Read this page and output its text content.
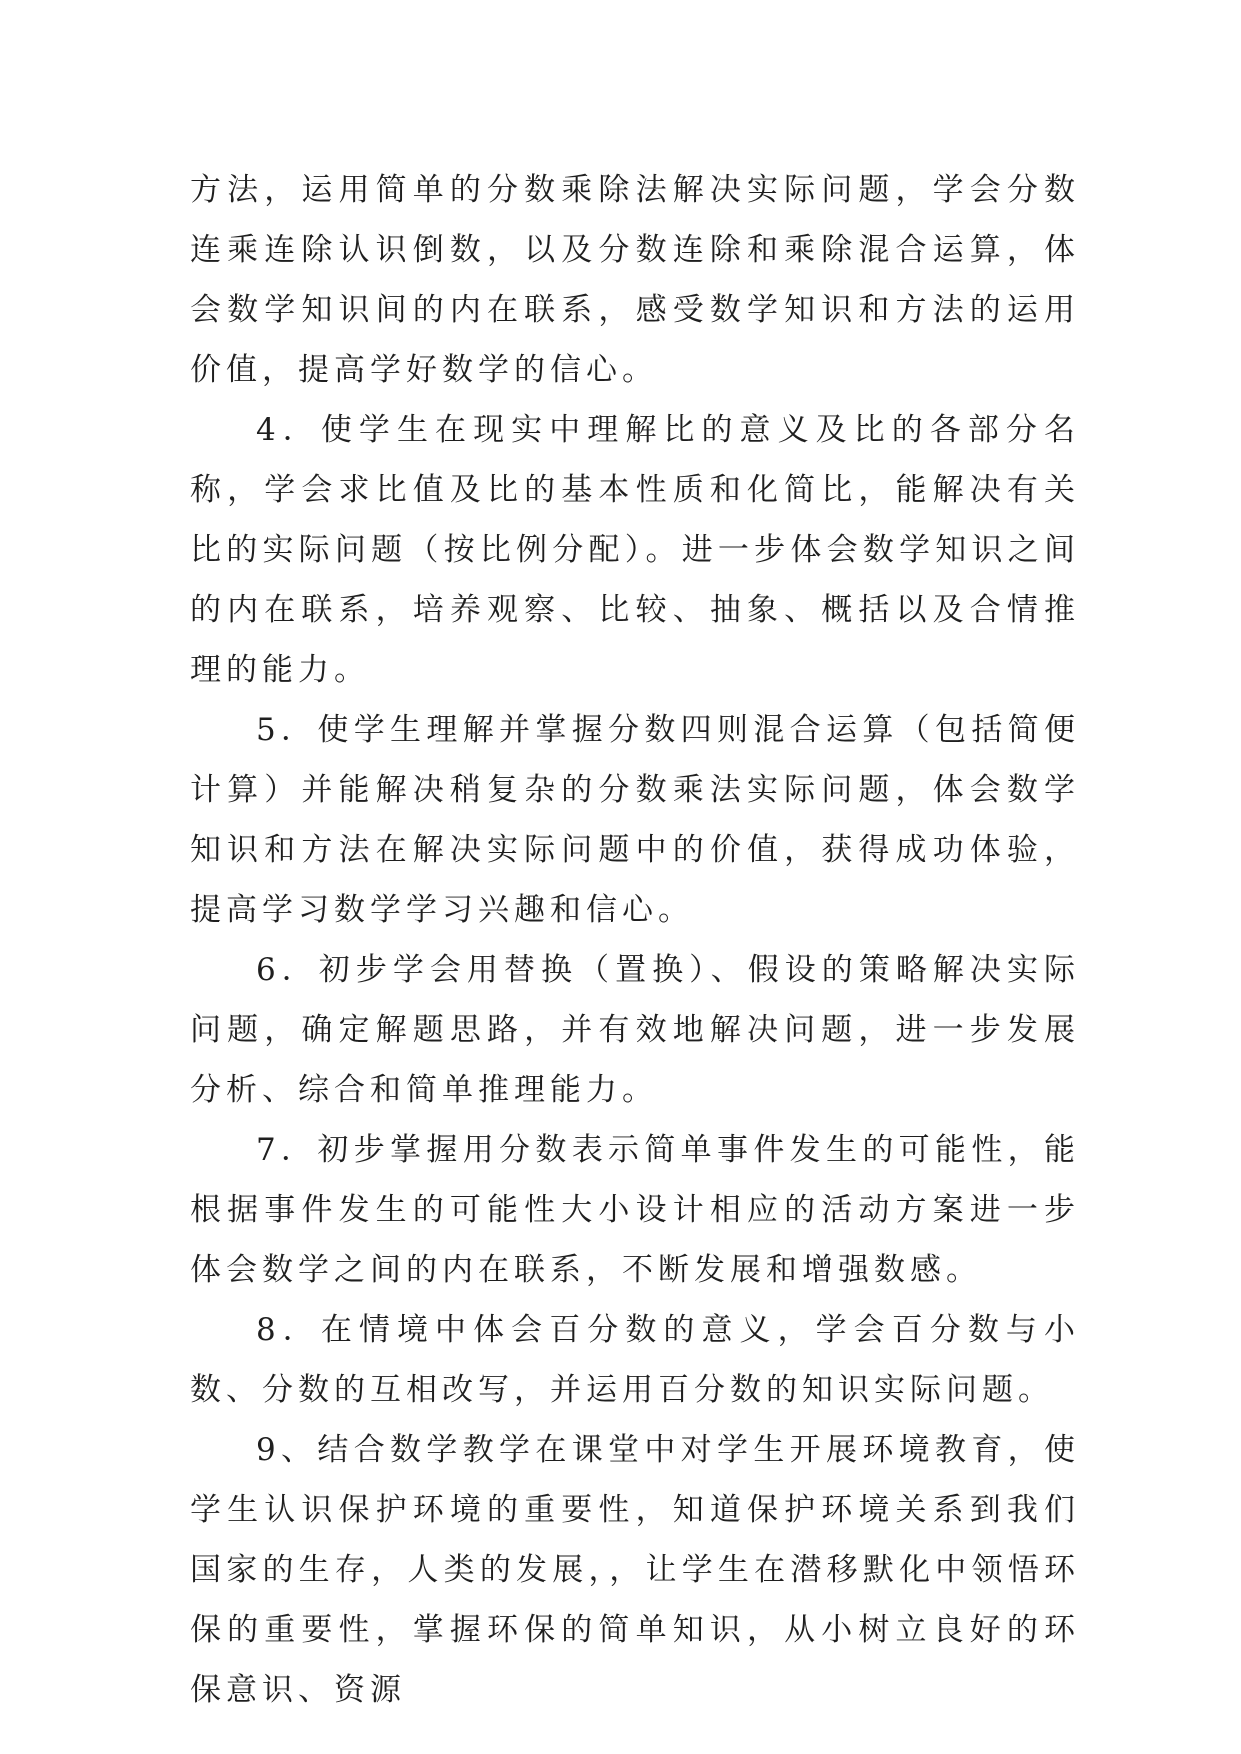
方法，运用简单的分数乘除法解决实际问题，学会分数连乘连除认识倒数，以及分数连除和乘除混合运算，体会数学知识间的内在联系，感受数学知识和方法的运用价值，提高学好数学的信心。

4．使学生在现实中理解比的意义及比的各部分名称，学会求比值及比的基本性质和化简比，能解决有关比的实际问题（按比例分配）。进一步体会数学知识之间的内在联系，培养观察、比较、抽象、概括以及合情推理的能力。

5．使学生理解并掌握分数四则混合运算（包括简便计算）并能解决稍复杂的分数乘法实际问题，体会数学知识和方法在解决实际问题中的价值，获得成功体验，提高学习数学学习兴趣和信心。

6．初步学会用替换（置换）、假设的策略解决实际问题，确定解题思路，并有效地解决问题，进一步发展分析、综合和简单推理能力。

7．初步掌握用分数表示简单事件发生的可能性，能根据事件发生的可能性大小设计相应的活动方案进一步体会数学之间的内在联系，不断发展和增强数感。

8．在情境中体会百分数的意义，学会百分数与小数、分数的互相改写，并运用百分数的知识实际问题。

9、结合数学教学在课堂中对学生开展环境教育，使学生认识保护环境的重要性，知道保护环境关系到我们国家的生存，人类的发展，，让学生在潜移默化中领悟环保的重要性，掌握环保的简单知识，从小树立良好的环保意识、资源
